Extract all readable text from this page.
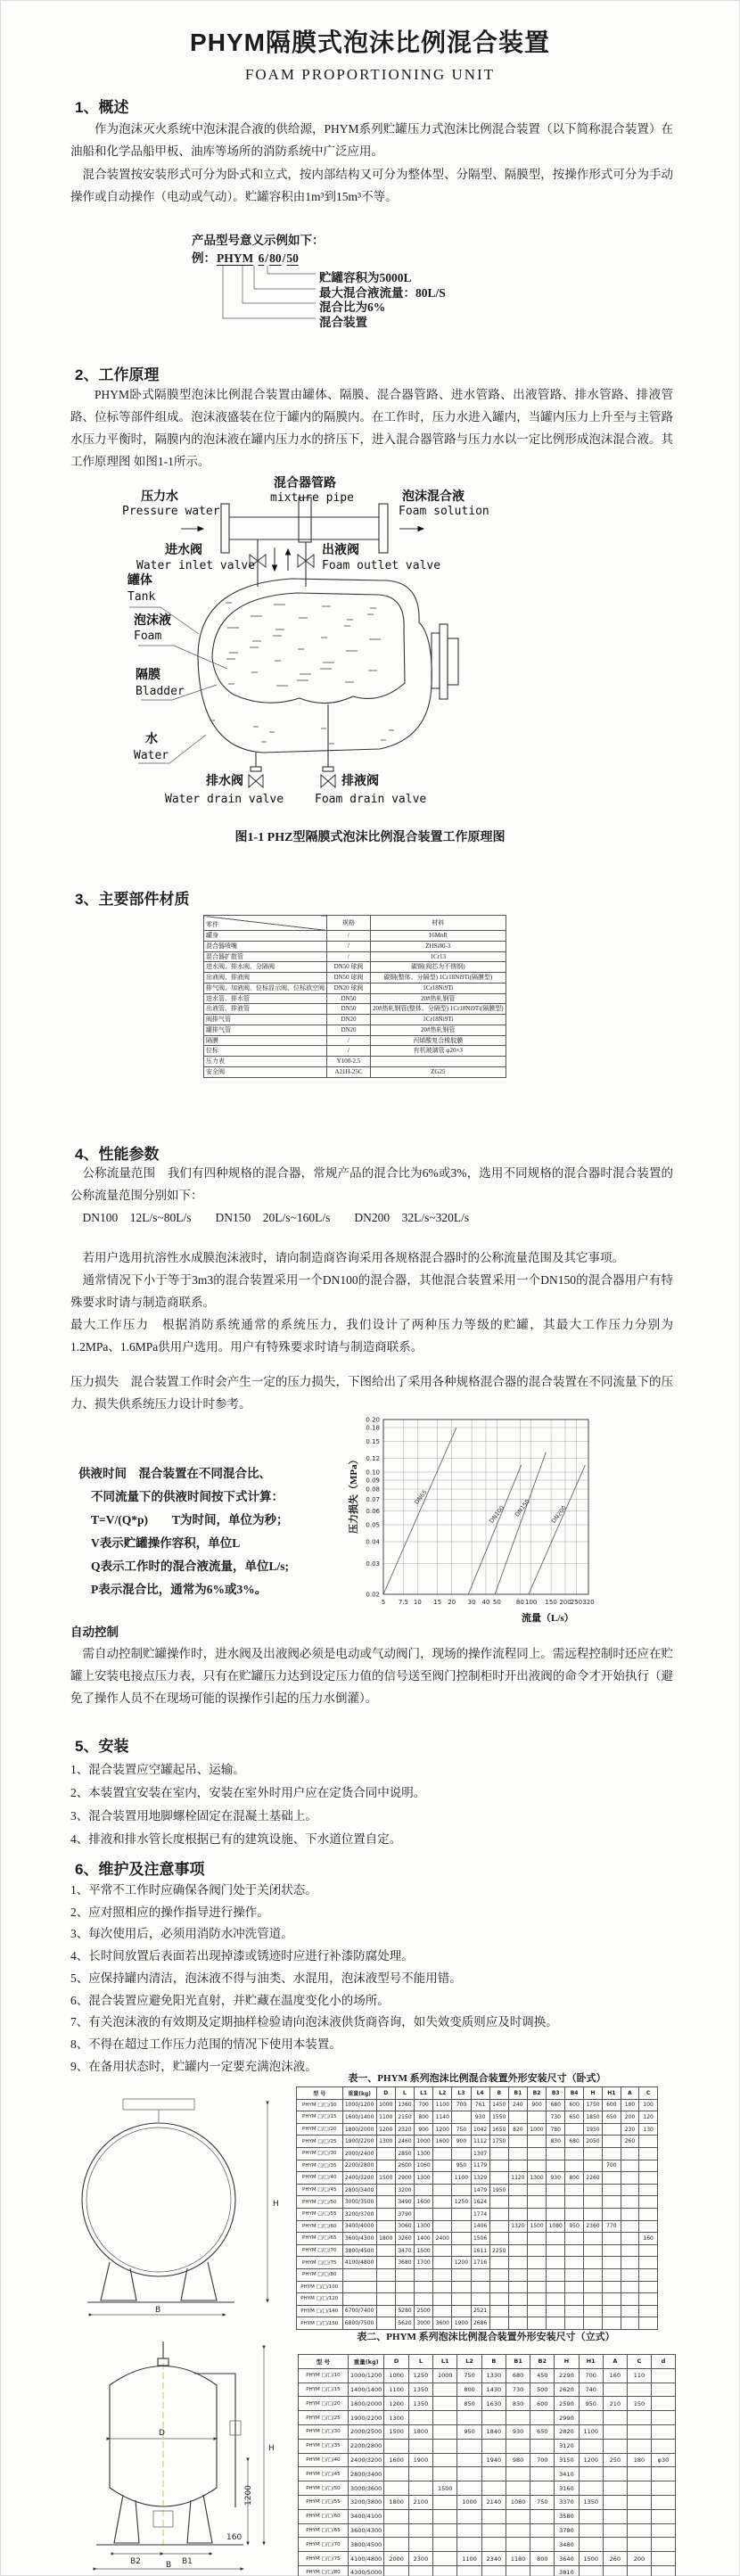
PHYM隔膜式泡沫比例混合装置
FOAM PROPORTIONING UNIT
1、概述
作为泡沫灭火系统中泡沫混合液的供给源，PHYM系列贮罐压力式泡沫比例混合装置（以下简称混合装置）在油船和化学品船甲板、油库等场所的消防系统中广泛应用。
混合装置按安装形式可分为卧式和立式，按内部结构又可分为整体型、分隔型、隔膜型，按操作形式可分为手动操作或自动操作（电动或气动）。贮罐容积由1m³到15m³不等。
产品型号意义示例如下：
例：PHYM 6/80/50
贮罐容积为5000L
最大混合液流量：80L/S
混合比为6%
混合装置
2、工作原理
PHYM卧式隔膜型泡沫比例混合装置由罐体、隔膜、混合器管路、进水管路、出液管路、排水管路、排液管路、位标等部件组成。泡沫液盛装在位于罐内的隔膜内。在工作时，压力水进入罐内，当罐内压力上升至与主管路水压力平衡时，隔膜内的泡沫液在罐内压力水的挤压下，进入混合器管路与压力水以一定比例形成泡沫混合液。其工作原理图 如图1-1所示。
混合器管路
mixture pipe
压力水
Pressure water
泡沫混合液
Foam solution
进水阀
Water inlet valve
出液阀
Foam outlet valve
罐体
Tank
泡沫液
Foam
隔膜
Bladder
水
Water
排水阀
Water drain valve
排液阀
Foam drain valve
图1-1 PHZ型隔膜式泡沫比例混合装置工作原理图
3、主要部件材质
零件	规格	材料
罐身	/	16MnR
混合器喷嘴	/	ZHSi80-3
混合器扩散管	/	1Cr13
进水阀、排水阀、分隔阀	DN50 球阀	碳钢(阀芯为不锈钢)
出液阀、排液阀	DN50 球阀	碳钢(整体、分隔型) 1Cr18Ni9Ti(隔膜型)
排气阀、加液阀、位标显示阀、位标放空阀	DN20 球阀	1Cr18Ni9Ti
进水管、排水管	DN50	20#热轧钢管
出液管、排液管	DN50	20#热轧钢管(整体、分隔型) 1Cr18Ni9Ti(隔膜型)
阀排气管	DN20	1Cr18Ni9Ti
罐排气管	DN20	20#热轧钢管
隔膜	/	丙烯酸复合橡胶膜
位标	/	有机玻璃管 φ20×3
压力表	Y100-2.5	
安全阀	A21H-25C	ZG25
4、性能参数

公称流量范围　我们有四种规格的混合器，常规产品的混合比为6%或3%，选用不同规格的混合器时混合装置的公称流量范围分别如下：

DN100　12L/s~80L/s　　DN150　20L/s~160L/s　　DN200　32L/s~320L/s

若用户选用抗溶性水成膜泡沫液时，请向制造商咨询采用各规格混合器时的公称流量范围及其它事项。

通常情况下小于等于3m3的混合装置采用一个DN100的混合器，其他混合装置采用一个DN150的混合器用户有特殊要求时请与制造商联系。

最大工作压力　根据消防系统通常的系统压力，我们设计了两种压力等级的贮罐，其最大工作压力分别为1.2MPa、1.6MPa供用户选用。用户有特殊要求时请与制造商联系。

压力损失　混合装置工作时会产生一定的压力损失，下图给出了采用各种规格混合器的混合装置在不同流量下的压力、损失供系统压力设计时参考。

供液时间　混合装置在不同混合比、
不同流量下的供液时间按下式计算：
T=V/(Q*p)　　T为时间，单位为秒；
V表示贮罐操作容积，单位L
Q表示工作时的混合液流量，单位L/s;
P表示混合比，通常为6%或3%。
5 7.5 10 15 20 30 40 50 80 100 150 200
250 320
0.02
0.03
0.04
0.05
0.06
0.07
0.08
0.09
0.10
0.12
0.15
0.18
0.20
DN65
DN100 DN150	DN200
压力损失（MPa）
流量（L/s）
自动控制
需自动控制贮罐操作时，进水阀及出液阀必须是电动或气动阀门，现场的操作流程同上。需远程控制时还应在贮罐上安装电接点压力表，只有在贮罐压力达到设定压力值的信号送至阀门控制柜时开出液阀的命令才开始执行（避免了操作人员不在现场可能的误操作引起的压力水倒灌）。
5、安装
1、混合装置应空罐起吊、运输。
2、本装置宜安装在室内，安装在室外时用户应在定货合同中说明。
3、混合装置用地脚螺栓固定在混凝土基础上。
4、排液和排水管长度根据已有的建筑设施、下水道位置自定。
6、维护及注意事项
1、平常不工作时应确保各阀门处于关闭状态。
2、应对照相应的操作指导进行操作。
3、每次使用后，必须用消防水冲洗管道。
4、长时间放置后表面若出现掉漆或锈迹时应进行补漆防腐处理。
5、应保持罐内清洁，泡沫液不得与油类、水混用，泡沫液型号不能用错。
6、混合装置应避免阳光直射，并贮藏在温度变化小的场所。
7、有关泡沫液的有效期及定期抽样检验请向泡沫液供货商咨询，如失效变质则应及时调换。
8、不得在超过工作压力范围的情况下使用本装置。
9、在备用状态时，贮罐内一定要充满泡沫液。
表一、PHYM 系列泡沫比例混合装置外形安装尺寸（卧式）
型 号	重量(kg)	D	L	L1	L2	L3	L4	B	B1	B2	B3	B4	H	H1	A	C
PHYM □/□/10	1000/1200	1000	1360	700	1100	700	761	1450	240	900	680	600	1750	600	180	100
PHYM □/□/15	1600/1400	1100	2150	800	1140		930	1550			730	650	1850	650	200	120
PHYM □/□/20	1800/2000	1200	2320	900	1200	750	1042	1650	820	1000	780		1950		230	130
PHYM □/□/25	1900/2200	1300	2460	1000	1600	900	1112	1750			830	680	2050		260	
PHYM □/□/30	2000/2400		2850	1300			1307									
PHYM □/□/35	2200/2800		2600	1060		950	1179							700		
PHYM □/□/40	2400/3200	1500	2900	1300		1100	1329		1120	1300	930	800	2260			
PHYM □/□/45	2800/3400		3200				1479	1950								
PHYM □/□/50	3000/3500		3490	1600		1250	1624									
PHYM □/□/55	3200/3700		3790				1774									
PHYM □/□/60	3400/4000		3060	1300			1406		1320	1500	1080	950	2360	770		
PHYM □/□/65	3600/4300	1800	3260	1400	2400		1506									160
PHYM □/□/70	3800/4500		3470	1500			1611	2250								
PHYM □/□/75	4100/4800		3680	1700		1200	1716									
PHYM □/□/80																
PHYM □/□/100																
PHYM □/□/120																
PHYM □/□/140	6700/7400		5280	2500			2521									
PHYM □/□/150	6800/7500		5620	3000	3600	1900	2686									
B
H
表二、PHYM 系列泡沫比例混合装置外形安装尺寸（立式）
型 号	重量(kg)	D	L	L1	L2	B	B1	B2	H	H1	A	C	d
PHYM □/□/10	1000/1200	1000	1250	1000	750	1330	680	450	2290	700	160	110	
PHYM □/□/15	1400/1400	1100	1350		800	1430	730	500	2620	740			
PHYM □/□/20	1800/2000	1200	1350		850	1630	830	600	2590	950	210	150	
PHYM □/□/25	1900/2200	1300							2990				
PHYM □/□/30	2000/2500	1500	1800		950	1840	930	650	2820	1100			
PHYM □/□/35	2200/2800								3120				
PHYM □/□/40	2400/3200	1600	1900			1940	980	700	3150	1200	250	180	φ30
PHYM □/□/45	2800/3400								3410				
PHYM □/□/50	3000/3600			1500					3160				
PHYM □/□/55	3200/3800	1800	2100		1000	2140	1080	750	3370	1350			
PHYM □/□/60	3400/4100								3580				
PHYM □/□/65	3600/4300								3780				
PHYM □/□/70	3800/4500								3480				
PHYM □/□/75	4100/4800	2000	2300		1100	2340	1180	800	3640	1500	260	200	
PHYM □/□/80	4300/5000								3810				
D
H
1200
B2	B1
B
160
